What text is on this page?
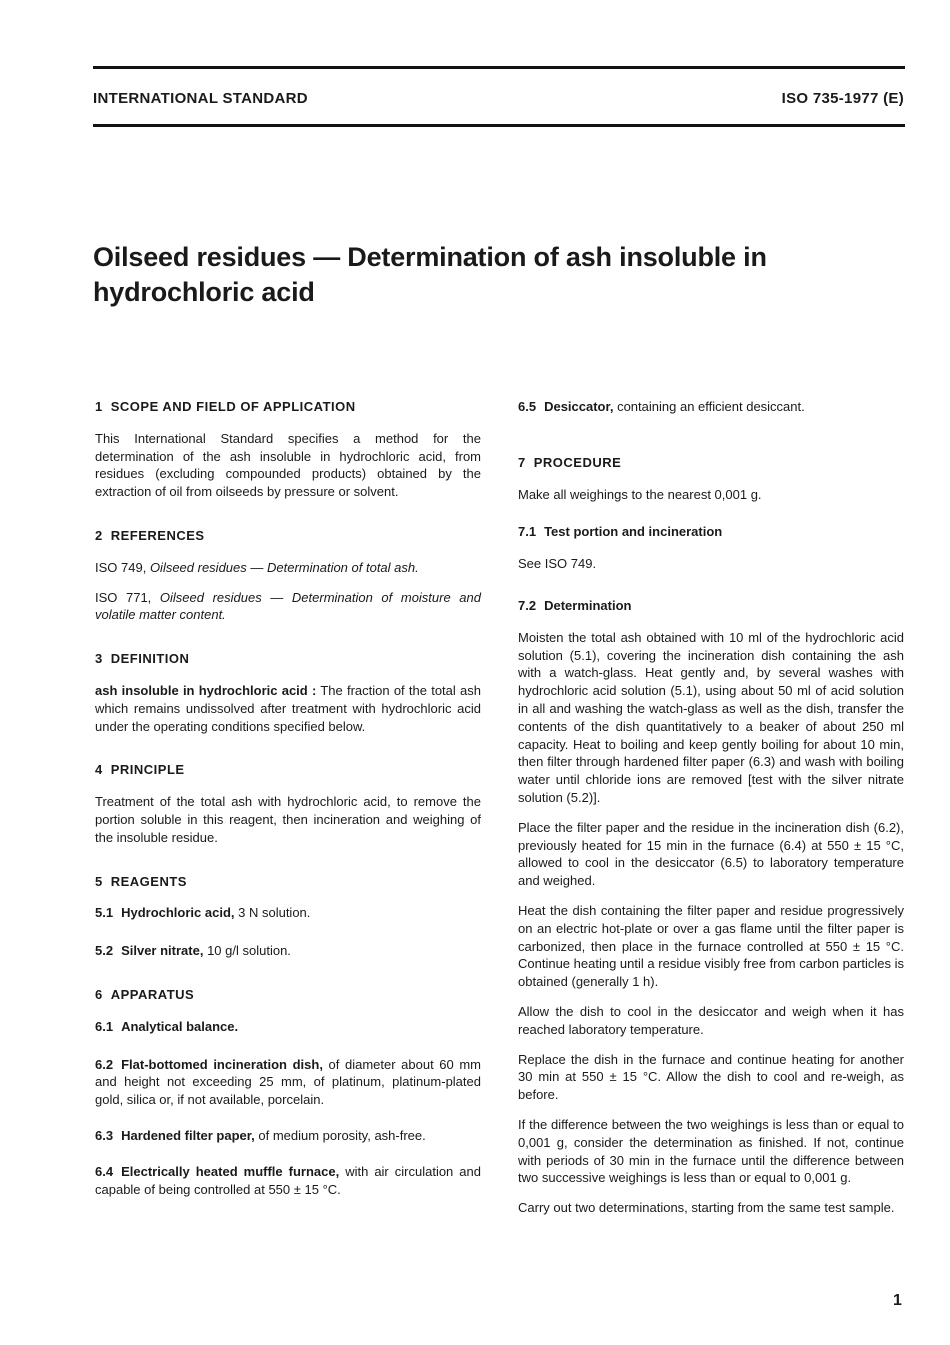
INTERNATIONAL STANDARD	ISO 735-1977 (E)
Oilseed residues — Determination of ash insoluble in
hydrochloric acid
1 SCOPE AND FIELD OF APPLICATION

This International Standard specifies a method for the determination of the ash insoluble in hydrochloric acid, from residues (excluding compounded products) obtained by the extraction of oil from oilseeds by pressure or solvent.

2 REFERENCES

ISO 749, Oilseed residues — Determination of total ash.

ISO 771, Oilseed residues — Determination of moisture and volatile matter content.

3 DEFINITION

ash insoluble in hydrochloric acid : The fraction of the total ash which remains undissolved after treatment with hydrochloric acid under the operating conditions specified below.

4 PRINCIPLE

Treatment of the total ash with hydrochloric acid, to remove the portion soluble in this reagent, then incineration and weighing of the insoluble residue.

5 REAGENTS
5.1 Hydrochloric acid, 3 N solution.
5.2 Silver nitrate, 10 g/l solution.
6 APPARATUS
6.1 Analytical balance.

6.2 Flat-bottomed incineration dish, of diameter about 60 mm and height not exceeding 25 mm, of platinum, platinum-plated gold, silica or, if not available, porcelain.

6.3 Hardened filter paper, of medium porosity, ash-free.

6.4 Electrically heated muffle furnace, with air circulation and capable of being controlled at 550 ± 15 °C.

6.5 Desiccator, containing an efficient desiccant.

7 PROCEDURE

Make all weighings to the nearest 0,001 g.

7.1 Test portion and incineration

See ISO 749.

7.2 Determination

Moisten the total ash obtained with 10 ml of the hydrochloric acid solution (5.1), covering the incineration dish containing the ash with a watch-glass. Heat gently and, by several washes with hydrochloric acid solution (5.1), using about 50 ml of acid solution in all and washing the watch-glass as well as the dish, transfer the contents of the dish quantitatively to a beaker of about 250 ml capacity. Heat to boiling and keep gently boiling for about 10 min, then filter through hardened filter paper (6.3) and wash with boiling water until chloride ions are removed [test with the silver nitrate solution (5.2)].

Place the filter paper and the residue in the incineration dish (6.2), previously heated for 15 min in the furnace (6.4) at 550 ± 15 °C, allowed to cool in the desiccator (6.5) to laboratory temperature and weighed.

Heat the dish containing the filter paper and residue progressively on an electric hot-plate or over a gas flame until the filter paper is carbonized, then place in the furnace controlled at 550 ± 15 °C. Continue heating until a residue visibly free from carbon particles is obtained (generally 1 h).

Allow the dish to cool in the desiccator and weigh when it has reached laboratory temperature.

Replace the dish in the furnace and continue heating for another 30 min at 550 ± 15 °C. Allow the dish to cool and re-weigh, as before.

If the difference between the two weighings is less than or equal to 0,001 g, consider the determination as finished. If not, continue with periods of 30 min in the furnace until the difference between two successive weighings is less than or equal to 0,001 g.

Carry out two determinations, starting from the same test sample.

1
